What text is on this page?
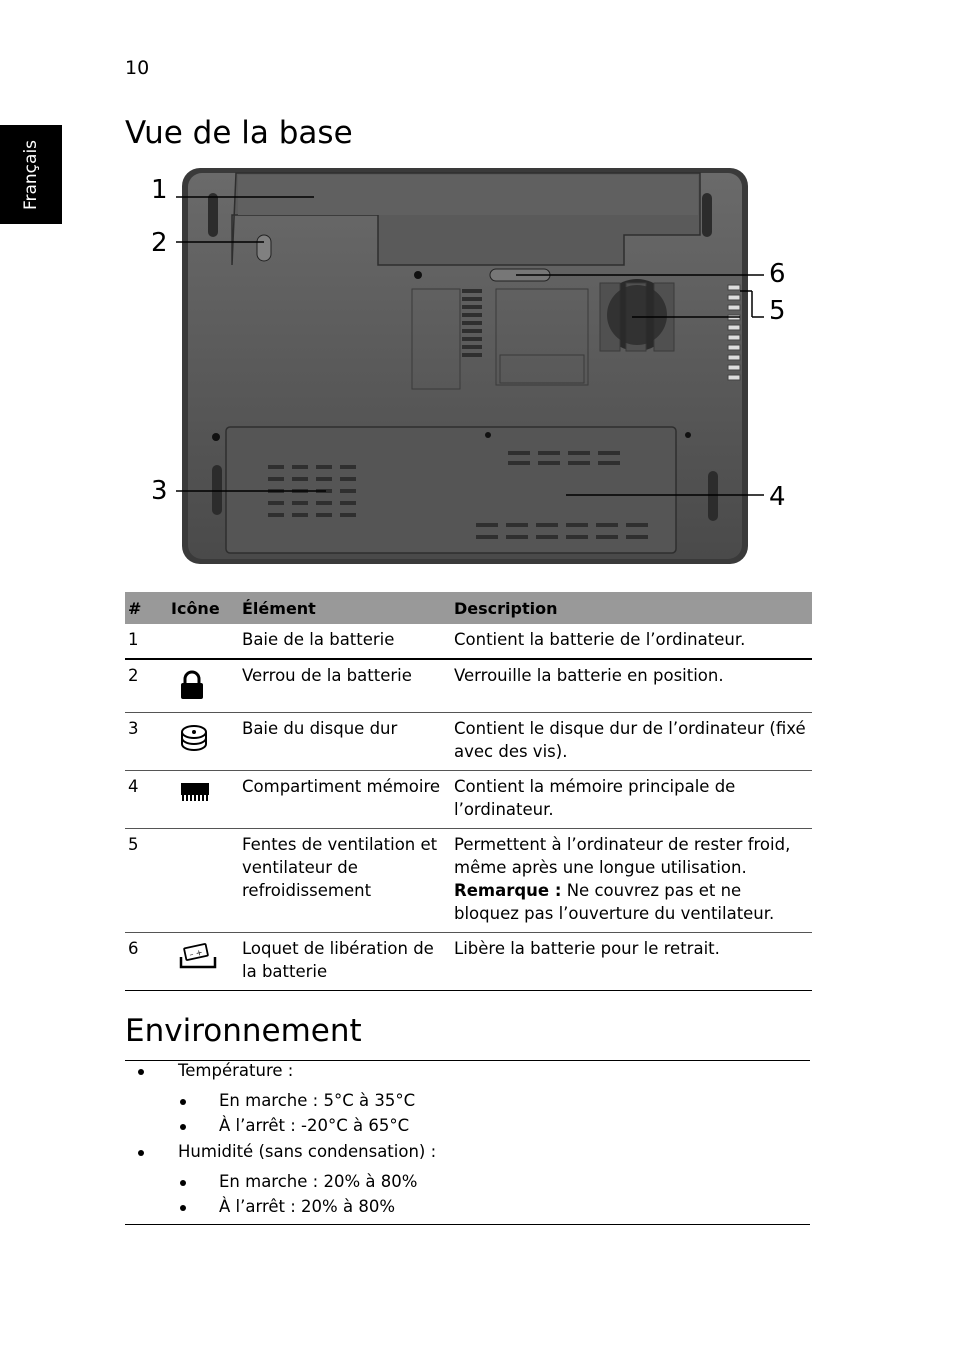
10
Français
Vue de la base
1
2
3	4
5
6
#	Icône	Élément	Description
1		Baie de la batterie	Contient la batterie de l’ordinateur.
2		Verrou de la batterie	Verrouille la batterie en position.
3		Baie du disque dur	Contient le disque dur de l’ordinateur (fixé avec des vis).
4		Compartiment mémoire	Contient la mémoire principale de l’ordinateur.
5		Fentes de ventilation et ventilateur de refroidissement	Permettent à l’ordinateur de rester froid, même après une longue utilisation.
Remarque : Ne couvrez pas et ne bloquez pas l’ouverture du ventilateur.
6	– +	Loquet de libération de la batterie	Libère la batterie pour le retrait.
Environnement
Température :
En marche : 5°C à 35°C
À l’arrêt : -20°C à 65°C
Humidité (sans condensation) :
En marche : 20% à 80%
À l’arrêt : 20% à 80%
